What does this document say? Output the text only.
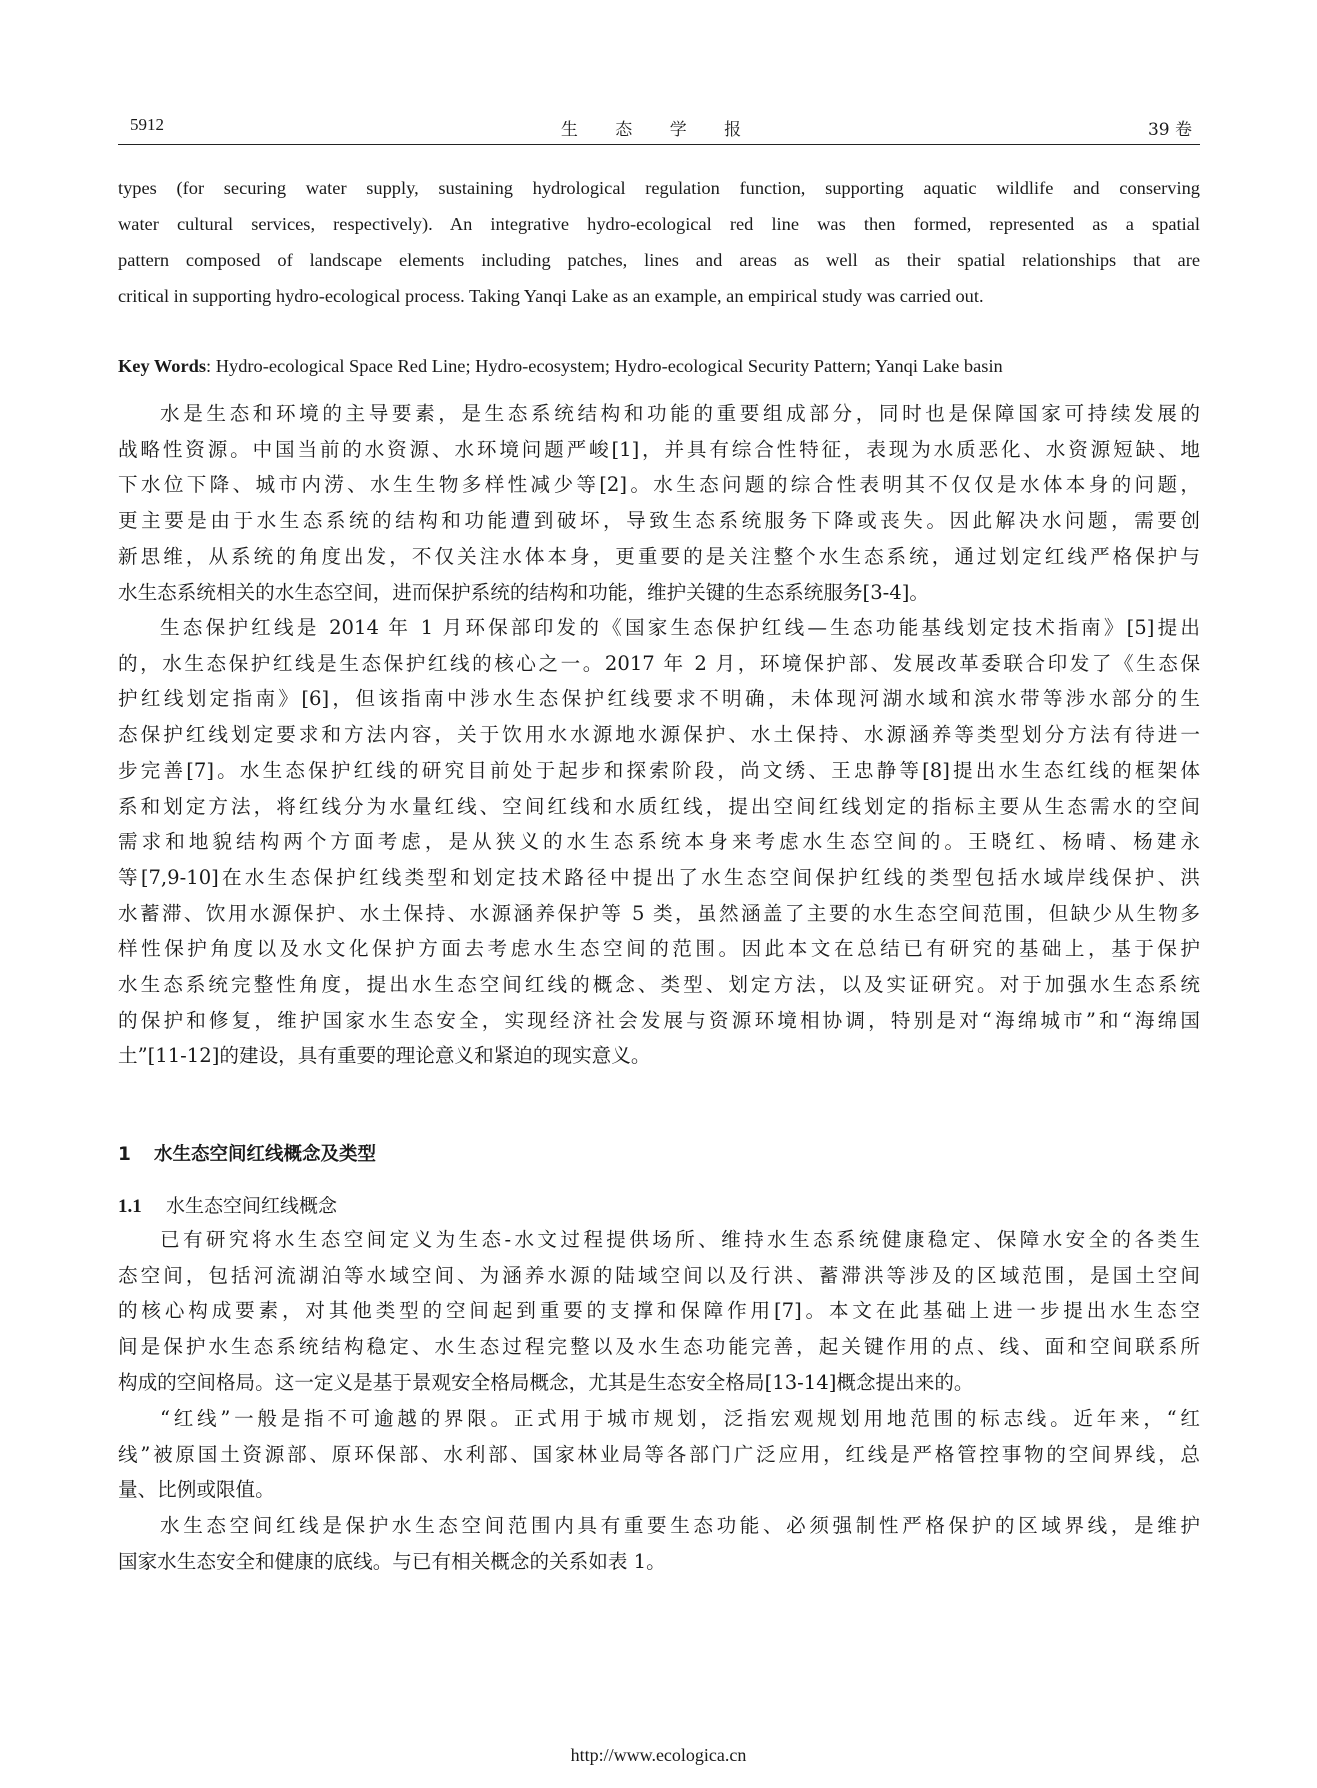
5912	生 态 学 报	39 卷
types (for securing water supply, sustaining hydrological regulation function, supporting aquatic wildlife and conserving
water cultural services, respectively). An integrative hydro-ecological red line was then formed, represented as a spatial
pattern composed of landscape elements including patches, lines and areas as well as their spatial relationships that are
critical in supporting hydro-ecological process. Taking Yanqi Lake as an example, an empirical study was carried out.
Key Words: Hydro-ecological Space Red Line; Hydro-ecosystem; Hydro-ecological Security Pattern; Yanqi Lake basin
水是生态和环境的主导要素，是生态系统结构和功能的重要组成部分，同时也是保障国家可持续发展的
战略性资源。中国当前的水资源、水环境问题严峻[1]，并具有综合性特征，表现为水质恶化、水资源短缺、地
下水位下降、城市内涝、水生生物多样性减少等[2]。水生态问题的综合性表明其不仅仅是水体本身的问题，
更主要是由于水生态系统的结构和功能遭到破坏，导致生态系统服务下降或丧失。因此解决水问题，需要创
新思维，从系统的角度出发，不仅关注水体本身，更重要的是关注整个水生态系统，通过划定红线严格保护与
水生态系统相关的水生态空间，进而保护系统的结构和功能，维护关键的生态系统服务[3-4]。
生态保护红线是 2014 年 1 月环保部印发的《国家生态保护红线—生态功能基线划定技术指南》[5]提出
的，水生态保护红线是生态保护红线的核心之一。2017 年 2 月，环境保护部、发展改革委联合印发了《生态保
护红线划定指南》[6]，但该指南中涉水生态保护红线要求不明确，未体现河湖水域和滨水带等涉水部分的生
态保护红线划定要求和方法内容，关于饮用水水源地水源保护、水土保持、水源涵养等类型划分方法有待进一
步完善[7]。水生态保护红线的研究目前处于起步和探索阶段，尚文绣、王忠静等[8]提出水生态红线的框架体
系和划定方法，将红线分为水量红线、空间红线和水质红线，提出空间红线划定的指标主要从生态需水的空间
需求和地貌结构两个方面考虑，是从狭义的水生态系统本身来考虑水生态空间的。王晓红、杨晴、杨建永
等[7,9-10]在水生态保护红线类型和划定技术路径中提出了水生态空间保护红线的类型包括水域岸线保护、洪
水蓄滞、饮用水源保护、水土保持、水源涵养保护等 5 类，虽然涵盖了主要的水生态空间范围，但缺少从生物多
样性保护角度以及水文化保护方面去考虑水生态空间的范围。因此本文在总结已有研究的基础上，基于保护
水生态系统完整性角度，提出水生态空间红线的概念、类型、划定方法，以及实证研究。对于加强水生态系统
的保护和修复，维护国家水生态安全，实现经济社会发展与资源环境相协调，特别是对“海绵城市”和“海绵国
土”[11-12]的建设，具有重要的理论意义和紧迫的现实意义。
1 水生态空间红线概念及类型
1.1 水生态空间红线概念
已有研究将水生态空间定义为生态-水文过程提供场所、维持水生态系统健康稳定、保障水安全的各类生
态空间，包括河流湖泊等水域空间、为涵养水源的陆域空间以及行洪、蓄滞洪等涉及的区域范围，是国土空间
的核心构成要素，对其他类型的空间起到重要的支撑和保障作用[7]。本文在此基础上进一步提出水生态空
间是保护水生态系统结构稳定、水生态过程完整以及水生态功能完善，起关键作用的点、线、面和空间联系所
构成的空间格局。这一定义是基于景观安全格局概念，尤其是生态安全格局[13-14]概念提出来的。
“红线”一般是指不可逾越的界限。正式用于城市规划，泛指宏观规划用地范围的标志线。近年来，“红
线”被原国土资源部、原环保部、水利部、国家林业局等各部门广泛应用，红线是严格管控事物的空间界线，总
量、比例或限值。
水生态空间红线是保护水生态空间范围内具有重要生态功能、必须强制性严格保护的区域界线，是维护
国家水生态安全和健康的底线。与已有相关概念的关系如表 1。
http://www.ecologica.cn
